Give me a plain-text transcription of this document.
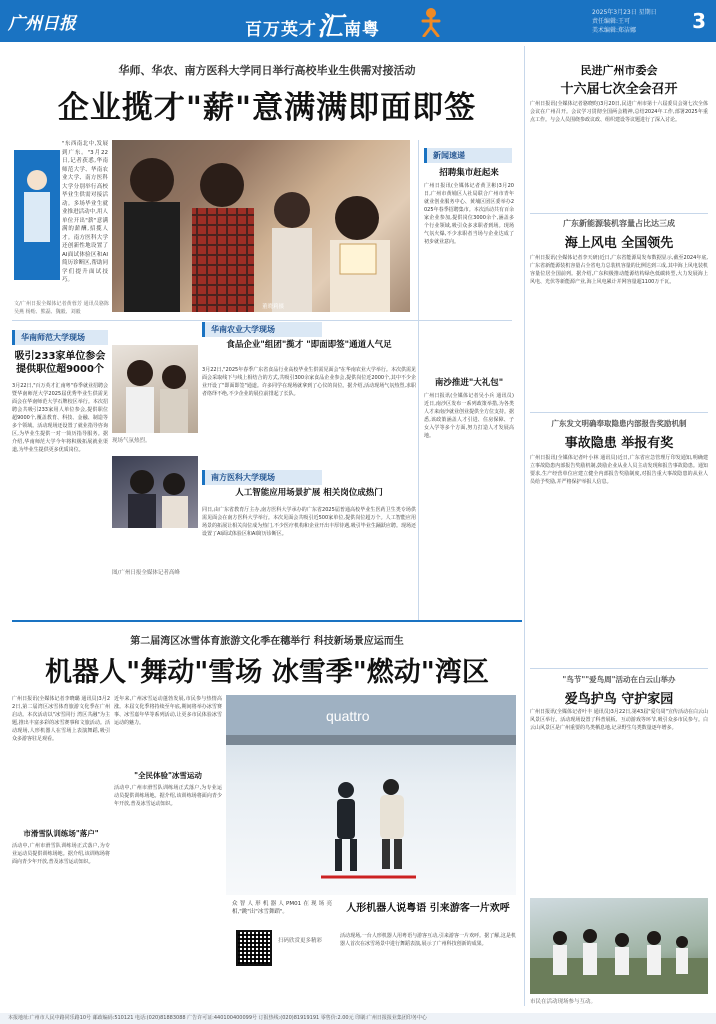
广州日报	百万英才汇南粤
2025年3月23日 星期日
责任编辑:王可
美术编辑:郑洁娜	3
华师、华农、南方医科大学同日举行高校毕业生供需对接活动
企业揽才"薪"意满满即面即签
"东西南北中,发展到广东。"3月22日,记者获悉,华南师范大学、华南农业大学、南方医科大学分别举行高校毕业生供需对接活动。多场毕业生就业推进活动中,用人单位开出"薪"意满满的薪酬,招揽人才。南方医科大学还创新性地设置了AI面试体验区和AI简历诊断区,帮助同学们提升面试技巧。
文/广州日报全媒体记者黄蓉芳 通讯员骆陈 吴燕 杨贻、熊磊、魏毅、刘毅
董晓莉摄
华南师范大学现场
吸引233家单位参会提供职位超9000个
3月22日,"百万英才汇南粤"春季就业招聘会暨华南师范大学2025届优秀毕业生供需见面会在华南师范大学石牌校区举行。本次招聘会共吸引233家用人单位参会,提供职位超9000个,覆盖教育、科技、金融、制造等多个领域。活动现场还设置了就业指导咨询区,为毕业生提供一对一简历指导服务。据介绍,华南师范大学今年将积极拓展就业渠道,为毕业生提供更多优质岗位。
华南农业大学现场
食品企业"组团"揽才 "即面即签"通道人气足
3月22日,"2025年春季广东省食品行业高校毕业生供需见面会"在华南农业大学举行。本次供需见面会采取线下与线上相结合的方式,共吸引300余家食品企业参会,提供岗位近2000个,其中不少企业开设了"即面即签"通道。许多同学在现场就拿到了心仪的岗位。据介绍,活动现场气氛热烈,求职者络绎不绝,不少企业的展位前排起了长队。
现场气氛热烈。
图/广州日报全媒体记者高峰
南方医科大学现场
人工智能应用场景扩展 相关岗位成热门
同日,由广东省教育厅主办,南方医科大学承办的广东省2025届普通高校毕业生医药卫生类专场供需见面会在南方医科大学举行。本次见面会共吸引近500家单位,提供岗位超万个。人工智能应用场景的拓展让相关岗位成为热门,不少医疗机构和企业开出丰厚待遇,吸引毕业生踊跃应聘。现场还设置了AI面试体验区和AI简历诊断区。
新闻速递
招聘集市赶起来
广州日报讯(全媒体记者黄卫彬)3月20日,广州市黄埔区人社局联合广州市青年就业创业服务中心、黄埔区团区委举办2025年春季招聘集市。本次活动共有百余家企业参加,提供岗位3000余个,涵盖多个行业领域,吸引众多求职者到场。现场气氛火爆,不少求职者当场与企业达成了初步就业意向。
南沙推进"大礼包"
广州日报讯(全媒体记者吴小兵 通讯员)近日,南沙区发布一系列政策举措,为各类人才来南沙就业创业提供全方位支持。据悉,该政策涵盖人才引进、住房保障、子女入学等多个方面,努力打造人才发展高地。
民进广州市委会
十六届七次全会召开
广州日报讯(全媒体记者骆晓昀)3月20日,民进广州市第十六届委员会第七次全体会议在广州召开。会议学习贯彻全国两会精神,总结2024年工作,部署2025年重点工作。与会人员围绕参政议政、组织建设等议题进行了深入讨论。
广东新能源装机容量占比达三成
海上风电 全国领先
广州日报讯(全媒体记者李天研)近日,广东省能源局发布数据显示,截至2024年底,广东省新能源装机容量占全省电力总装机容量的比例达到三成,其中海上风电装机容量位居全国前列。据介绍,广东积极推动能源结构绿色低碳转型,大力发展海上风电、光伏等新能源产业,海上风电累计并网容量超1100万千瓦。
广东发文明确奉取隐患内部报告奖励机制
事故隐患 举报有奖
广州日报讯(全媒体记者叶小林 通讯员)近日,广东省应急管理厅印发通知,明确建立事故隐患内部报告奖励机制,鼓励企业从业人员主动发现和报告事故隐患。通知要求,生产经营单位应建立健全内部报告奖励制度,对报告重大事故隐患的从业人员给予奖励,并严格保护举报人信息。
"鸟节""爱鸟周"活动在白云山举办
爱鸟护鸟 守护家园
广州日报讯(全媒体记者叶丰 通讯员)3月22日,第43届"爱鸟周"宣传活动在白云山风景区举行。活动现场设置了科普展板、互动游戏等环节,吸引众多市民参与。白云山风景区是广州重要的鸟类栖息地,记录野生鸟类数量逐年增多。
市民在活动现场参与互动。
第二届湾区冰雪体育旅游文化季在穗举行 科技新场景应运而生
机器人"舞动"雪场 冰雪季"燃动"湾区
广州日报讯(全媒体记者李晓璐 通讯员)3月22日,第二届湾区冰雪体育旅游文化季在广州启动。本次活动以"冰雪同行 湾区共融"为主题,推出丰富多彩的冰雪赛事和文旅活动。活动现场,人形机器人在雪场上表演舞蹈,吸引众多游客驻足观看。
市滑雪队训练场"落户"
活动中,广州市滑雪队训练场正式落户,为专业运动员提供训练场地。据介绍,该训练场将面向青少年开放,普及冰雪运动知识。
"全民体验"冰雪运动
近年来,广州冰雪运动蓬勃发展,市民参与热情高涨。本届文化季将持续至年底,期间将举办冰雪赛事、冰雪嘉年华等系列活动,让更多市民体验冰雪运动的魅力。
活动中,广州市滑雪队训练场正式落户,为专业运动员提供训练场地。据介绍,该训练场将面向青少年开放,普及冰雪运动知识。
quattro
众智人形机器人PM01在现场亮相,"跳"出"冰雪舞蹈"。
扫码欣赏更多精彩
人形机器人说粤语 引来游客一片欢呼
活动现场,一台人形机器人用粤语与游客互动,引来游客一片欢呼。据了解,这是机器人首次在冰雪场景中进行舞蹈表演,展示了广州科技创新的成果。
本报地址:广州市人民中路同乐路10号 邮政编码:510121 电话:(020)81883088 广告许可证:440100400099号 订报热线:(020)81919191 零售价:2.00元 印刷:广州日报报业集团印务中心
